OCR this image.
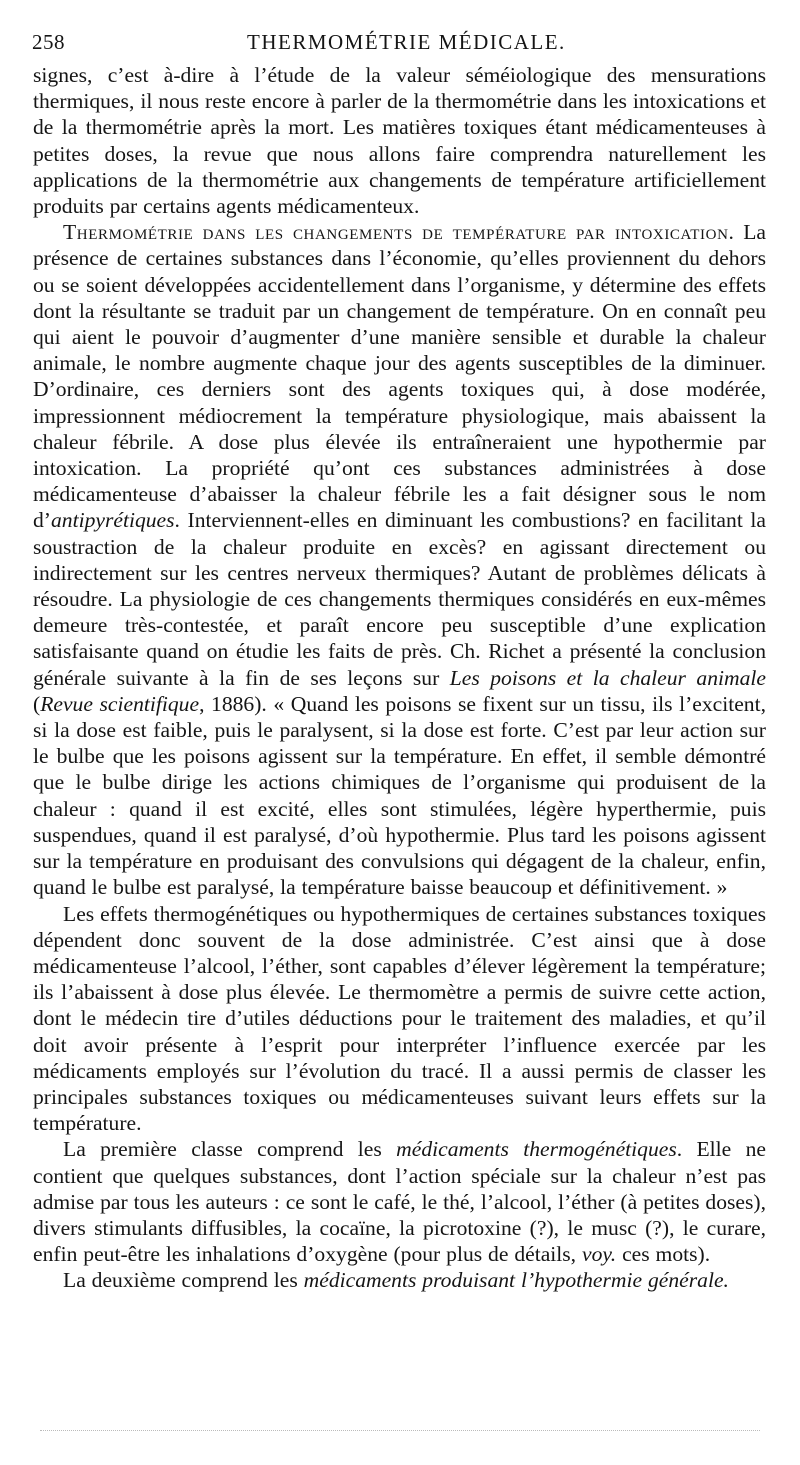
258	THERMOMÉTRIE MÉDICALE.

signes, c’est à-dire à l’étude de la valeur séméiologique des mensurations thermiques, il nous reste encore à parler de la thermométrie dans les intoxications et de la thermométrie après la mort. Les matières toxiques étant médicamenteuses à petites doses, la revue que nous allons faire comprendra naturellement les applications de la thermométrie aux changements de température artificiellement produits par certains agents médicamenteux.

Thermométrie dans les changements de température par intoxication. La présence de certaines substances dans l’économie, qu’elles proviennent du dehors ou se soient développées accidentellement dans l’organisme, y détermine des effets dont la résultante se traduit par un changement de température. On en connaît peu qui aient le pouvoir d’augmenter d’une manière sensible et durable la chaleur animale, le nombre augmente chaque jour des agents susceptibles de la diminuer. D’ordinaire, ces derniers sont des agents toxiques qui, à dose modérée, impressionnent médiocrement la température physiologique, mais abaissent la chaleur fébrile. A dose plus élevée ils entraîneraient une hypothermie par intoxication. La propriété qu’ont ces substances administrées à dose médicamenteuse d’abaisser la chaleur fébrile les a fait désigner sous le nom d’antipyrétiques. Interviennent-elles en diminuant les combustions? en facilitant la soustraction de la chaleur produite en excès? en agissant directement ou indirectement sur les centres nerveux thermiques? Autant de problèmes délicats à résoudre. La physiologie de ces changements thermiques considérés en eux-mêmes demeure très-contestée, et paraît encore peu susceptible d’une explication satisfaisante quand on étudie les faits de près. Ch. Richet a présenté la conclusion générale suivante à la fin de ses leçons sur Les poisons et la chaleur animale (Revue scientifique, 1886). « Quand les poisons se fixent sur un tissu, ils l’excitent, si la dose est faible, puis le paralysent, si la dose est forte. C’est par leur action sur le bulbe que les poisons agissent sur la température. En effet, il semble démontré que le bulbe dirige les actions chimiques de l’organisme qui produisent de la chaleur : quand il est excité, elles sont stimulées, légère hyperthermie, puis suspendues, quand il est paralysé, d’où hypothermie. Plus tard les poisons agissent sur la température en produisant des convulsions qui dégagent de la chaleur, enfin, quand le bulbe est paralysé, la température baisse beaucoup et définitivement. »

Les effets thermogénétiques ou hypothermiques de certaines substances toxiques dépendent donc souvent de la dose administrée. C’est ainsi que à dose médicamenteuse l’alcool, l’éther, sont capables d’élever légèrement la température; ils l’abaissent à dose plus élevée. Le thermomètre a permis de suivre cette action, dont le médecin tire d’utiles déductions pour le traitement des maladies, et qu’il doit avoir présente à l’esprit pour interpréter l’influence exercée par les médicaments employés sur l’évolution du tracé. Il a aussi permis de classer les principales substances toxiques ou médicamenteuses suivant leurs effets sur la température.

La première classe comprend les médicaments thermogénétiques. Elle ne contient que quelques substances, dont l’action spéciale sur la chaleur n’est pas admise par tous les auteurs : ce sont le café, le thé, l’alcool, l’éther (à petites doses), divers stimulants diffusibles, la cocaïne, la picrotoxine (?), le musc (?), le curare, enfin peut-être les inhalations d’oxygène (pour plus de détails, voy. ces mots).

La deuxième comprend les médicaments produisant l’hypothermie générale.
